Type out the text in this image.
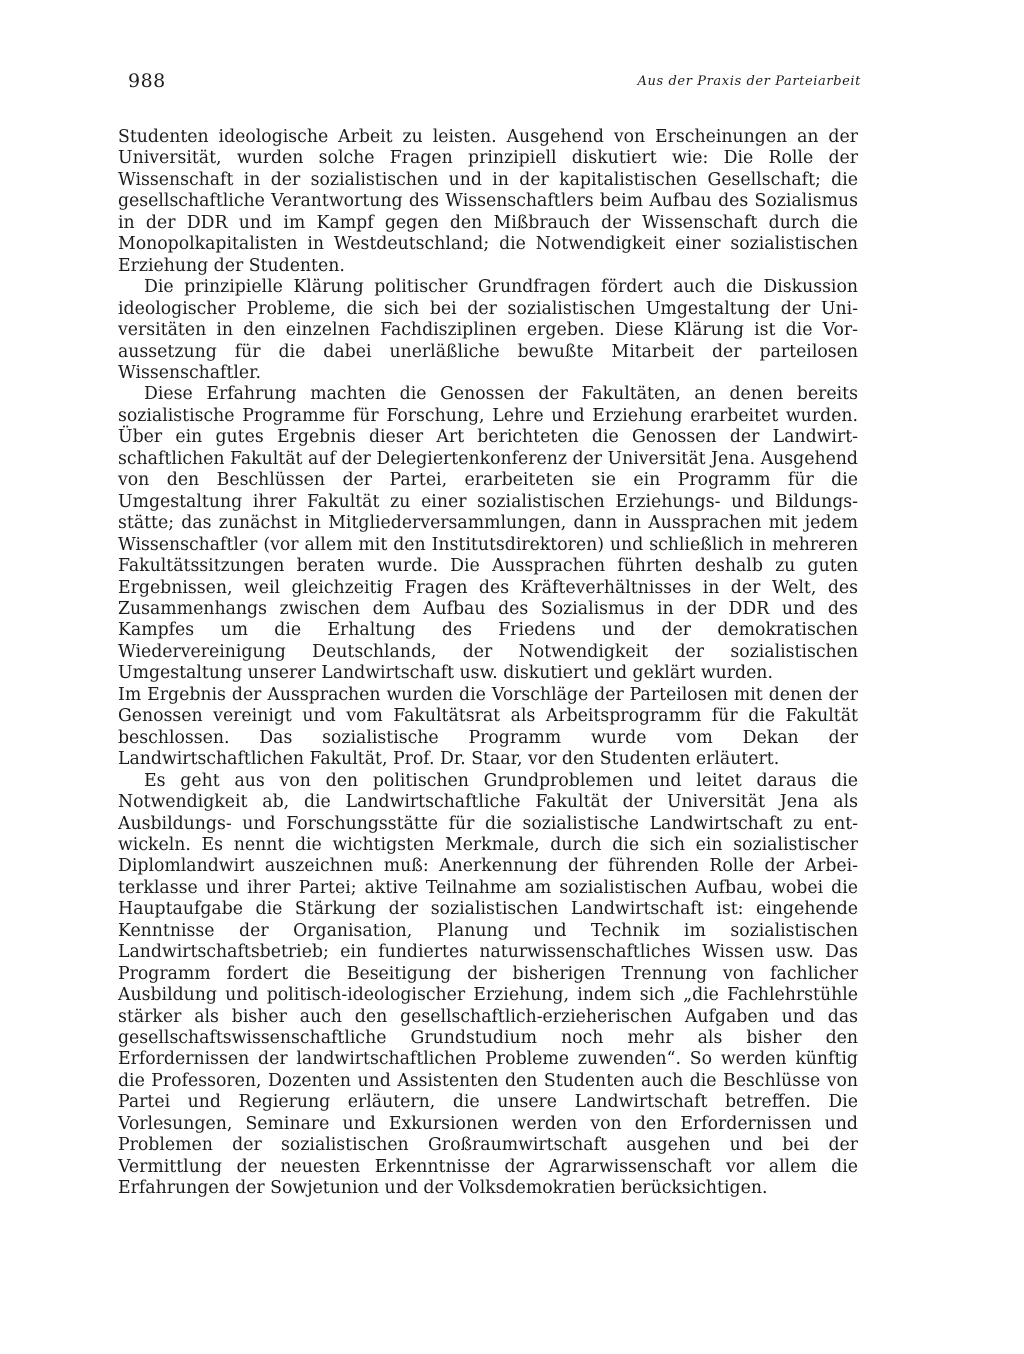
988	Aus der Praxis der Parteiarbeit

Studenten ideologische Arbeit zu leisten. Ausgehend von Erscheinungen an der Universität, wurden solche Fragen prinzipiell diskutiert wie: Die Rolle der Wissenschaft in der sozialistischen und in der kapitalistischen Gesellschaft; die gesellschaftliche Verantwortung des Wissenschaftlers beim Aufbau des Sozialismus in der DDR und im Kampf gegen den Mißbrauch der Wissenschaft durch die Monopolkapitalisten in Westdeutschland; die Notwendigkeit einer sozialistischen Erziehung der Studenten.

Die prinzipielle Klärung politischer Grundfragen fördert auch die Diskussion ideologischer Probleme, die sich bei der sozialistischen Umgestaltung der Universitäten in den einzelnen Fachdisziplinen ergeben. Diese Klärung ist die Voraussetzung für die dabei unerläßliche bewußte Mitarbeit der parteilosen Wissenschaftler.

Diese Erfahrung machten die Genossen der Fakultäten, an denen bereits sozialistische Programme für Forschung, Lehre und Erziehung erarbeitet wurden. Über ein gutes Ergebnis dieser Art berichteten die Genossen der Landwirtschaftlichen Fakultät auf der Delegiertenkonferenz der Universität Jena. Ausgehend von den Beschlüssen der Partei, erarbeiteten sie ein Programm für die Umgestaltung ihrer Fakultät zu einer sozialistischen Erziehungs- und Bildungsstätte; das zunächst in Mitgliederversammlungen, dann in Aussprachen mit jedem Wissenschaftler (vor allem mit den Institutsdirektoren) und schließlich in mehreren Fakultätssitzungen beraten wurde. Die Aussprachen führten deshalb zu guten Ergebnissen, weil gleichzeitig Fragen des Kräfteverhältnisses in der Welt, des Zusammenhangs zwischen dem Aufbau des Sozialismus in der DDR und des Kampfes um die Erhaltung des Friedens und der demokratischen Wiedervereinigung Deutschlands, der Notwendigkeit der sozialistischen Umgestaltung unserer Landwirtschaft usw. diskutiert und geklärt wurden.

Im Ergebnis der Aussprachen wurden die Vorschläge der Parteilosen mit denen der Genossen vereinigt und vom Fakultätsrat als Arbeitsprogramm für die Fakultät beschlossen. Das sozialistische Programm wurde vom Dekan der Landwirtschaftlichen Fakultät, Prof. Dr. Staar, vor den Studenten erläutert.

Es geht aus von den politischen Grundproblemen und leitet daraus die Notwendigkeit ab, die Landwirtschaftliche Fakultät der Universität Jena als Ausbildungs- und Forschungsstätte für die sozialistische Landwirtschaft zu entwickeln. Es nennt die wichtigsten Merkmale, durch die sich ein sozialistischer Diplomlandwirt auszeichnen muß: Anerkennung der führenden Rolle der Arbeiterklasse und ihrer Partei; aktive Teilnahme am sozialistischen Aufbau, wobei die Hauptaufgabe die Stärkung der sozialistischen Landwirtschaft ist: eingehende Kenntnisse der Organisation, Planung und Technik im sozialistischen Landwirtschaftsbetrieb; ein fundiertes naturwissenschaftliches Wissen usw. Das Programm fordert die Beseitigung der bisherigen Trennung von fachlicher Ausbildung und politisch-ideologischer Erziehung, indem sich „die Fachlehrstühle stärker als bisher auch den gesellschaftlich-erzieherischen Aufgaben und das gesellschaftswissenschaftliche Grundstudium noch mehr als bisher den Erfordernissen der landwirtschaftlichen Probleme zuwenden“. So werden künftig die Professoren, Dozenten und Assistenten den Studenten auch die Beschlüsse von Partei und Regierung erläutern, die unsere Landwirtschaft betreffen. Die Vorlesungen, Seminare und Exkursionen werden von den Erfordernissen und Problemen der sozialistischen Großraumwirtschaft ausgehen und bei der Vermittlung der neuesten Erkenntnisse der Agrarwissenschaft vor allem die Erfahrungen der Sowjetunion und der Volksdemokratien berücksichtigen.
